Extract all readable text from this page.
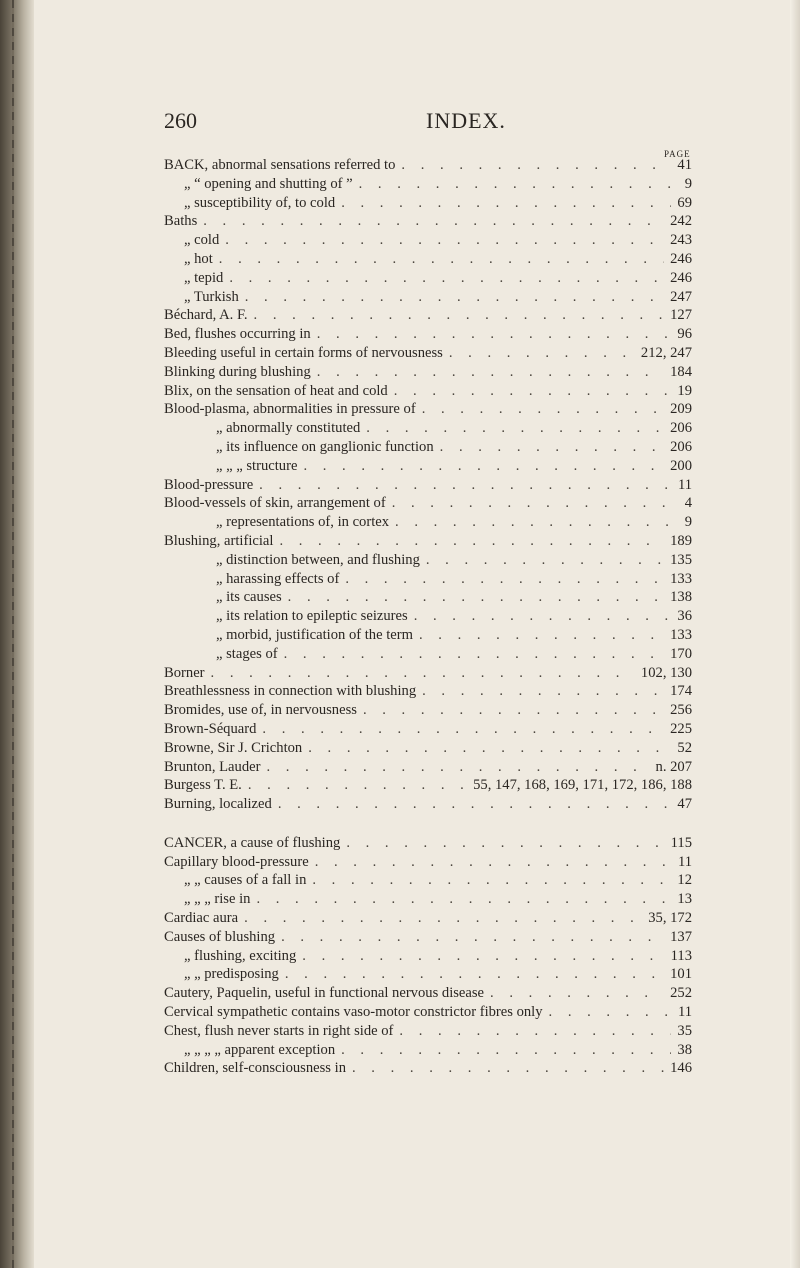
260	INDEX.
PAGE
BACK, abnormal sensations referred to . . .	41
„ “ opening and shutting of ” . . .	9
„ susceptibility of, to cold . . .	69
Baths . . .	242
„ cold . . .	243
„ hot . . .	246
„ tepid . . .	246
„ Turkish . . .	247
Béchard, A. F. . . .	127
Bed, flushes occurring in . . .	96
Bleeding useful in certain forms of nervousness . . .	212, 247
Blinking during blushing . . .	184
Blix, on the sensation of heat and cold . . .	19
Blood-plasma, abnormalities in pressure of . . .	209
„ abnormally constituted . . .	206
„ its influence on ganglionic function . . .	206
„ „ „ structure . . .	200
Blood-pressure . . .	11
Blood-vessels of skin, arrangement of . . .	4
„ representations of, in cortex . . .	9
Blushing, artificial . . .	189
„ distinction between, and flushing . . .	135
„ harassing effects of . . .	133
„ its causes . . .	138
„ its relation to epileptic seizures . . .	36
„ morbid, justification of the term . . .	133
„ stages of . . .	170
Borner . . .	102, 130
Breathlessness in connection with blushing . . .	174
Bromides, use of, in nervousness . . .	256
Brown-Séquard . . .	225
Browne, Sir J. Crichton . . .	52
Brunton, Lauder . . .	n. 207
Burgess T. E. . . .	55, 147, 168, 169, 171, 172, 186, 188
Burning, localized . . .	47
CANCER, a cause of flushing . . .	115
Capillary blood-pressure . . .	11
„ „ causes of a fall in . . .	12
„ „ „ rise in . . .	13
Cardiac aura . . .	35, 172
Causes of blushing . . .	137
„ flushing, exciting . . .	113
„ „ predisposing . . .	101
Cautery, Paquelin, useful in functional nervous disease . . .	252
Cervical sympathetic contains vaso-motor constrictor fibres only . . .	11
Chest, flush never starts in right side of . . .	35
„ „ „ „ apparent exception . . .	38
Children, self-consciousness in . . .	146
